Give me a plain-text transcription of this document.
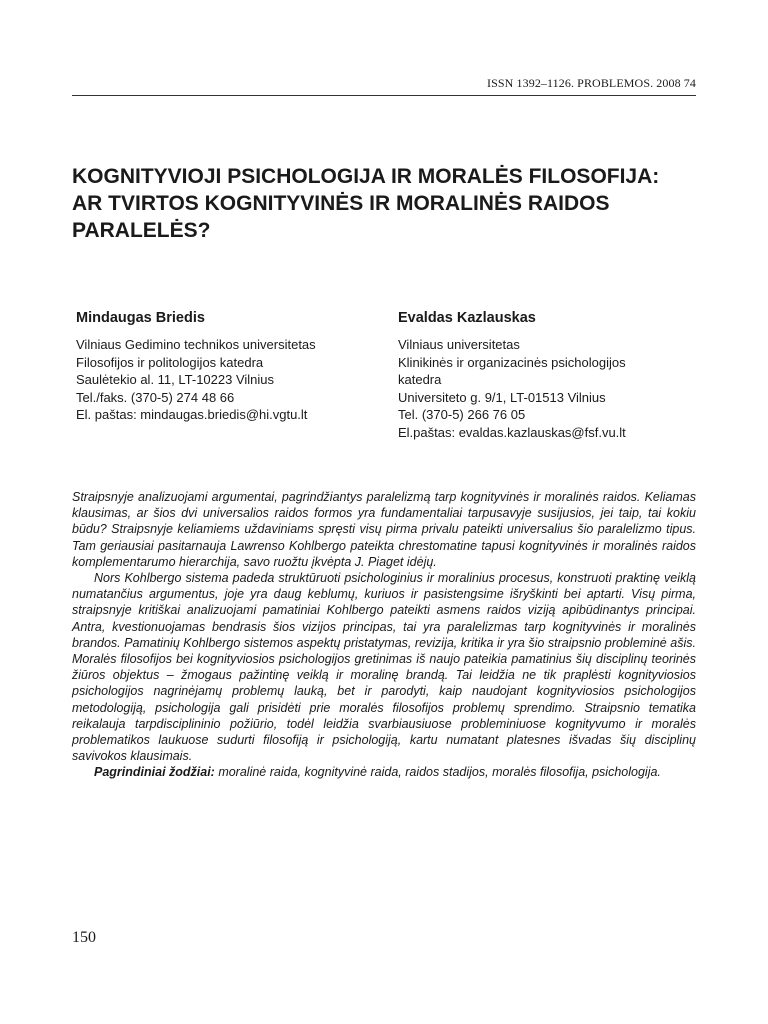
ISSN 1392–1126. PROBLEMOS. 2008 74
KOGNITYVIOJI PSICHOLOGIJA IR MORALĖS FILOSOFIJA:
AR TVIRTOS KOGNITYVINĖS IR MORALINĖS RAIDOS
PARALELĖS?
Mindaugas Briedis
Vilniaus Gedimino technikos universitetas
Filosofijos ir politologijos katedra
Saulėtekio al. 11, LT-10223 Vilnius
Tel./faks. (370-5) 274 48 66
El. paštas: mindaugas.briedis@hi.vgtu.lt
Evaldas Kazlauskas
Vilniaus universitetas
Klinikinės ir organizacinės psichologijos
katedra
Universiteto g. 9/1, LT-01513 Vilnius
Tel. (370-5) 266 76 05
El.paštas: evaldas.kazlauskas@fsf.vu.lt

Straipsnyje analizuojami argumentai, pagrindžiantys paralelizmą tarp kognityvinės ir moralinės raidos. Keliamas klausimas, ar šios dvi universalios raidos formos yra fundamentaliai tarpusavyje susijusios, jei taip, tai kokiu būdu? Straipsnyje keliamiems uždaviniams spręsti visų pirma privalu pateikti universalius šio paralelizmo tipus. Tam geriausiai pasitarnauja Lawrenso Kohlbergo pateikta chrestomatine tapusi kognityvinės ir moralinės raidos komplementarumo hierarchija, savo ruožtu įkvėpta J. Piaget idėjų.

Nors Kohlbergo sistema padeda struktūruoti psichologinius ir moralinius procesus, konstruoti praktinę veiklą numatančius argumentus, joje yra daug keblumų, kuriuos ir pasistengsime išryškinti bei aptarti. Visų pirma, straipsnyje kritiškai analizuojami pamatiniai Kohlbergo pateikti asmens raidos viziją apibūdinantys principai. Antra, kvestionuojamas bendrasis šios vizijos principas, tai yra paralelizmas tarp kognityvinės ir moralinės brandos. Pamatinių Kohlbergo sistemos aspektų pristatymas, revizija, kritika ir yra šio straipsnio probleminė ašis. Moralės filosofijos bei kognityviosios psichologijos gretinimas iš naujo pateikia pamatinius šių disciplinų teorinės žiūros objektus – žmogaus pažintinę veiklą ir moralinę brandą. Tai leidžia ne tik praplėsti kognityviosios psichologijos nagrinėjamų problemų lauką, bet ir parodyti, kaip naudojant kognityviosios psichologijos metodologiją, psichologija gali prisidėti prie moralės filosofijos problemų sprendimo. Straipsnio tematika reikalauja tarpdisciplininio požiūrio, todėl leidžia svarbiausiuose probleminiuose kognityvumo ir moralės problematikos laukuose sudurti filosofiją ir psichologiją, kartu numatant platesnes išvadas šių disciplinų savivokos klausimais.

Pagrindiniai žodžiai: moralinė raida, kognityvinė raida, raidos stadijos, moralės filosofija, psichologija.

150
